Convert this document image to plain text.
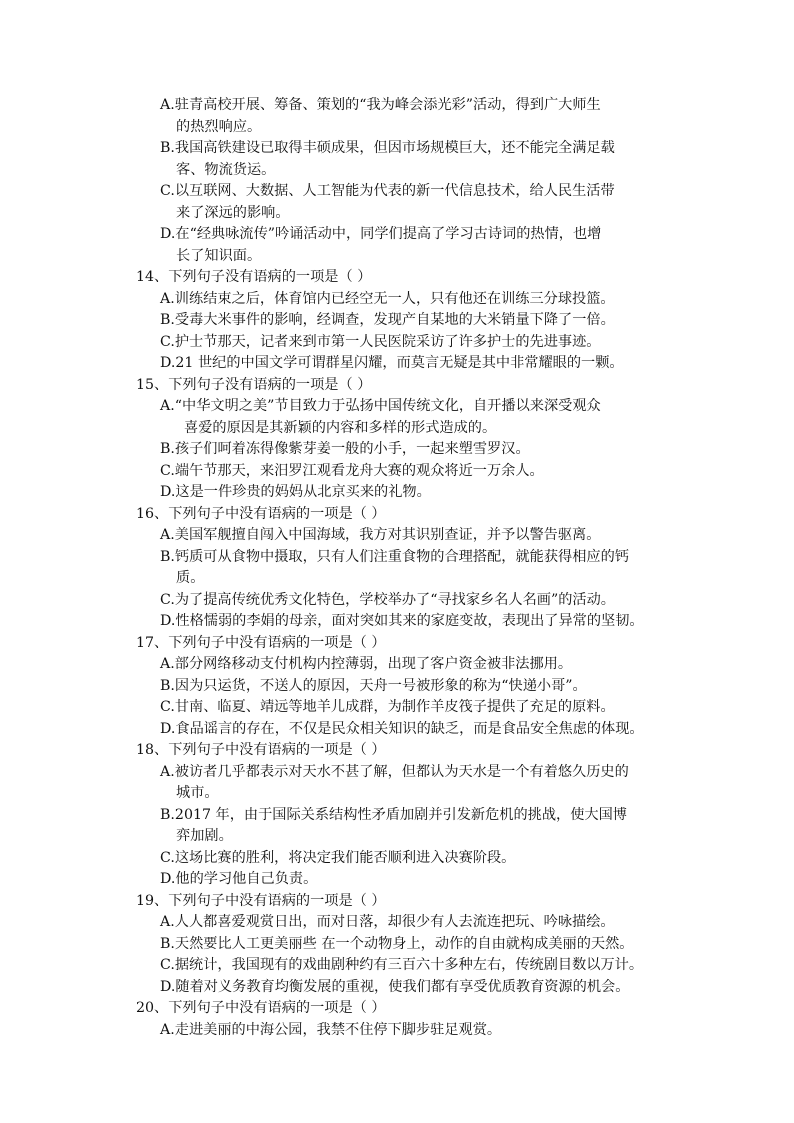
A.驻青高校开展、筹备、策划的“我为峰会添光彩”活动，得到广大师生
的热烈响应。
B.我国高铁建设已取得丰硕成果，但因市场规模巨大，还不能完全满足载
客、物流货运。
C.以互联网、大数据、人工智能为代表的新一代信息技术，给人民生活带
来了深远的影响。
D.在“经典咏流传”吟诵活动中，同学们提高了学习古诗词的热情，也增
长了知识面。
14、下列句子没有语病的一项是（ ）
A.训练结束之后，体育馆内已经空无一人，只有他还在训练三分球投篮。
B.受毒大米事件的影响，经调查，发现产自某地的大米销量下降了一倍。
C.护士节那天，记者来到市第一人民医院采访了许多护士的先进事迹。
D.21 世纪的中国文学可谓群星闪耀，而莫言无疑是其中非常耀眼的一颗。
15、下列句子没有语病的一项是（ ）
A.“中华文明之美”节目致力于弘扬中国传统文化，自开播以来深受观众
喜爱的原因是其新颖的内容和多样的形式造成的。
B.孩子们呵着冻得像紫芽姜一般的小手，一起来塑雪罗汉。
C.端午节那天，来汨罗江观看龙舟大赛的观众将近一万余人。
D.这是一件珍贵的妈妈从北京买来的礼物。
16、下列句子中没有语病的一项是（ ）
A.美国军舰擅自闯入中国海域，我方对其识别查证，并予以警告驱离。
B.钙质可从食物中摄取，只有人们注重食物的合理搭配，就能获得相应的钙
质。
C.为了提高传统优秀文化特色，学校举办了“寻找家乡名人名画”的活动。
D.性格懦弱的李娟的母亲，面对突如其来的家庭变故，表现出了异常的坚韧。
17、下列句子中没有语病的一项是（ ）
A.部分网络移动支付机构内控薄弱，出现了客户资金被非法挪用。
B.因为只运货，不送人的原因，天舟一号被形象的称为“快递小哥”。
C.甘南、临夏、靖远等地羊儿成群，为制作羊皮筏子提供了充足的原料。
D.食品谣言的存在，不仅是民众相关知识的缺乏，而是食品安全焦虑的体现。
18、下列句子中没有语病的一项是（ ）
A.被访者几乎都表示对天水不甚了解，但都认为天水是一个有着悠久历史的
城市。
B.2017 年，由于国际关系结构性矛盾加剧并引发新危机的挑战，使大国博
弈加剧。
C.这场比赛的胜利，将决定我们能否顺利进入决赛阶段。
D.他的学习他自己负责。
19、下列句子中没有语病的一项是（ ）
A.人人都喜爱观赏日出，而对日落，却很少有人去流连把玩、吟咏描绘。
B.天然要比人工更美丽些 在一个动物身上，动作的自由就构成美丽的天然。
C.据统计，我国现有的戏曲剧种约有三百六十多种左右，传统剧目数以万计。
D.随着对义务教育均衡发展的重视，使我们都有享受优质教育资源的机会。
20、下列句子中没有语病的一项是（ ）
A.走进美丽的中海公园，我禁不住停下脚步驻足观赏。
